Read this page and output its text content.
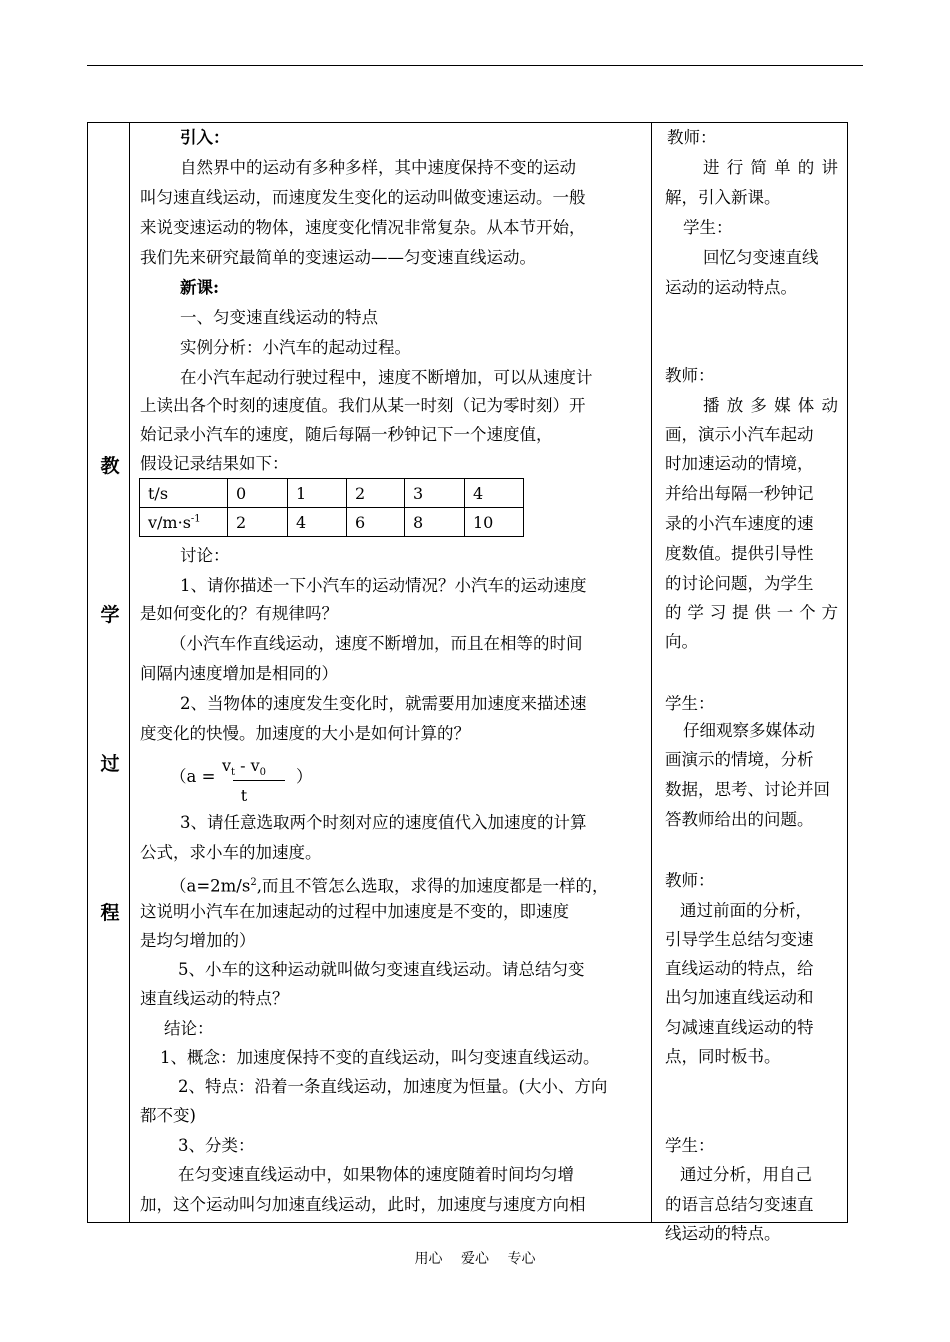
教
学
过
程
引入：
自然界中的运动有多种多样，其中速度保持不变的运动
叫匀速直线运动，而速度发生变化的运动叫做变速运动。一般
来说变速运动的物体，速度变化情况非常复杂。从本节开始，
我们先来研究最简单的变速运动——匀变速直线运动。
新课:
一、匀变速直线运动的特点
实例分析：小汽车的起动过程。
在小汽车起动行驶过程中，速度不断增加，可以从速度计
上读出各个时刻的速度值。我们从某一时刻（记为零时刻）开
始记录小汽车的速度，随后每隔一秒钟记下一个速度值，
假设记录结果如下：
t/s	0	1	2	3	4
$v/m\cdot s^{-1}$	2	4	6	8	10
讨论：
1、请你描述一下小汽车的运动情况？小汽车的运动速度
是如何变化的？有规律吗？
（小汽车作直线运动，速度不断增加，而且在相等的时间
间隔内速度增加是相同的）
2、当物体的速度发生变化时，就需要用加速度来描述速
度变化的快慢。加速度的大小是如何计算的？
（a =
$v_t - v_0$
t
）
3、请任意选取两个时刻对应的速度值代入加速度的计算
公式，求小车的加速度。
（$a=2m/s^2$,而且不管怎么选取，求得的加速度都是一样的，
这说明小汽车在加速起动的过程中加速度是不变的，即速度
是均匀增加的）
5、小车的这种运动就叫做匀变速直线运动。请总结匀变
速直线运动的特点？
结论：
1、概念：加速度保持不变的直线运动，叫匀变速直线运动。
2、特点：沿着一条直线运动，加速度为恒量。(大小、方向
都不变)
3、分类：
在匀变速直线运动中，如果物体的速度随着时间均匀增
加，这个运动叫匀加速直线运动，此时，加速度与速度方向相
教师：
进 行 简 单 的 讲
解，引入新课。
学生：
回忆匀变速直线
运动的运动特点。
教师：
播 放 多 媒 体 动
画，演示小汽车起动
时加速运动的情境，
并给出每隔一秒钟记
录的小汽车速度的速
度数值。提供引导性
的讨论问题，为学生
的 学 习 提 供 一 个 方
向。
学生：
仔细观察多媒体动
画演示的情境，分析
数据，思考、讨论并回
答教师给出的问题。
教师：
通过前面的分析，
引导学生总结匀变速
直线运动的特点，给
出匀加速直线运动和
匀减速直线运动的特
点，同时板书。
学生：
通过分析，用自己
的语言总结匀变速直
线运动的特点。
用心 爱心 专心
